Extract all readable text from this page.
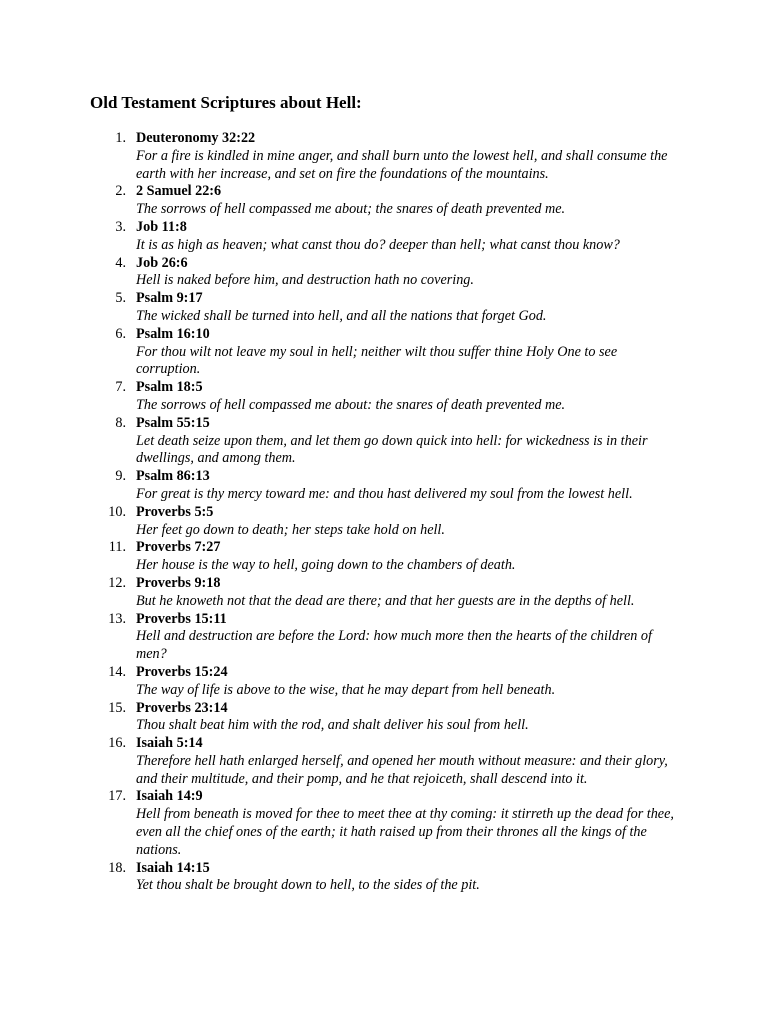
Old Testament Scriptures about Hell:
1. Deuteronomy 32:22
For a fire is kindled in mine anger, and shall burn unto the lowest hell, and shall consume the earth with her increase, and set on fire the foundations of the mountains.
2. 2 Samuel 22:6
The sorrows of hell compassed me about; the snares of death prevented me.
3. Job 11:8
It is as high as heaven; what canst thou do? deeper than hell; what canst thou know?
4. Job 26:6
Hell is naked before him, and destruction hath no covering.
5. Psalm 9:17
The wicked shall be turned into hell, and all the nations that forget God.
6. Psalm 16:10
For thou wilt not leave my soul in hell; neither wilt thou suffer thine Holy One to see corruption.
7. Psalm 18:5
The sorrows of hell compassed me about: the snares of death prevented me.
8. Psalm 55:15
Let death seize upon them, and let them go down quick into hell: for wickedness is in their dwellings, and among them.
9. Psalm 86:13
For great is thy mercy toward me: and thou hast delivered my soul from the lowest hell.
10. Proverbs 5:5
Her feet go down to death; her steps take hold on hell.
11. Proverbs 7:27
Her house is the way to hell, going down to the chambers of death.
12. Proverbs 9:18
But he knoweth not that the dead are there; and that her guests are in the depths of hell.
13. Proverbs 15:11
Hell and destruction are before the Lord: how much more then the hearts of the children of men?
14. Proverbs 15:24
The way of life is above to the wise, that he may depart from hell beneath.
15. Proverbs 23:14
Thou shalt beat him with the rod, and shalt deliver his soul from hell.
16. Isaiah 5:14
Therefore hell hath enlarged herself, and opened her mouth without measure: and their glory, and their multitude, and their pomp, and he that rejoiceth, shall descend into it.
17. Isaiah 14:9
Hell from beneath is moved for thee to meet thee at thy coming: it stirreth up the dead for thee, even all the chief ones of the earth; it hath raised up from their thrones all the kings of the nations.
18. Isaiah 14:15
Yet thou shalt be brought down to hell, to the sides of the pit.
